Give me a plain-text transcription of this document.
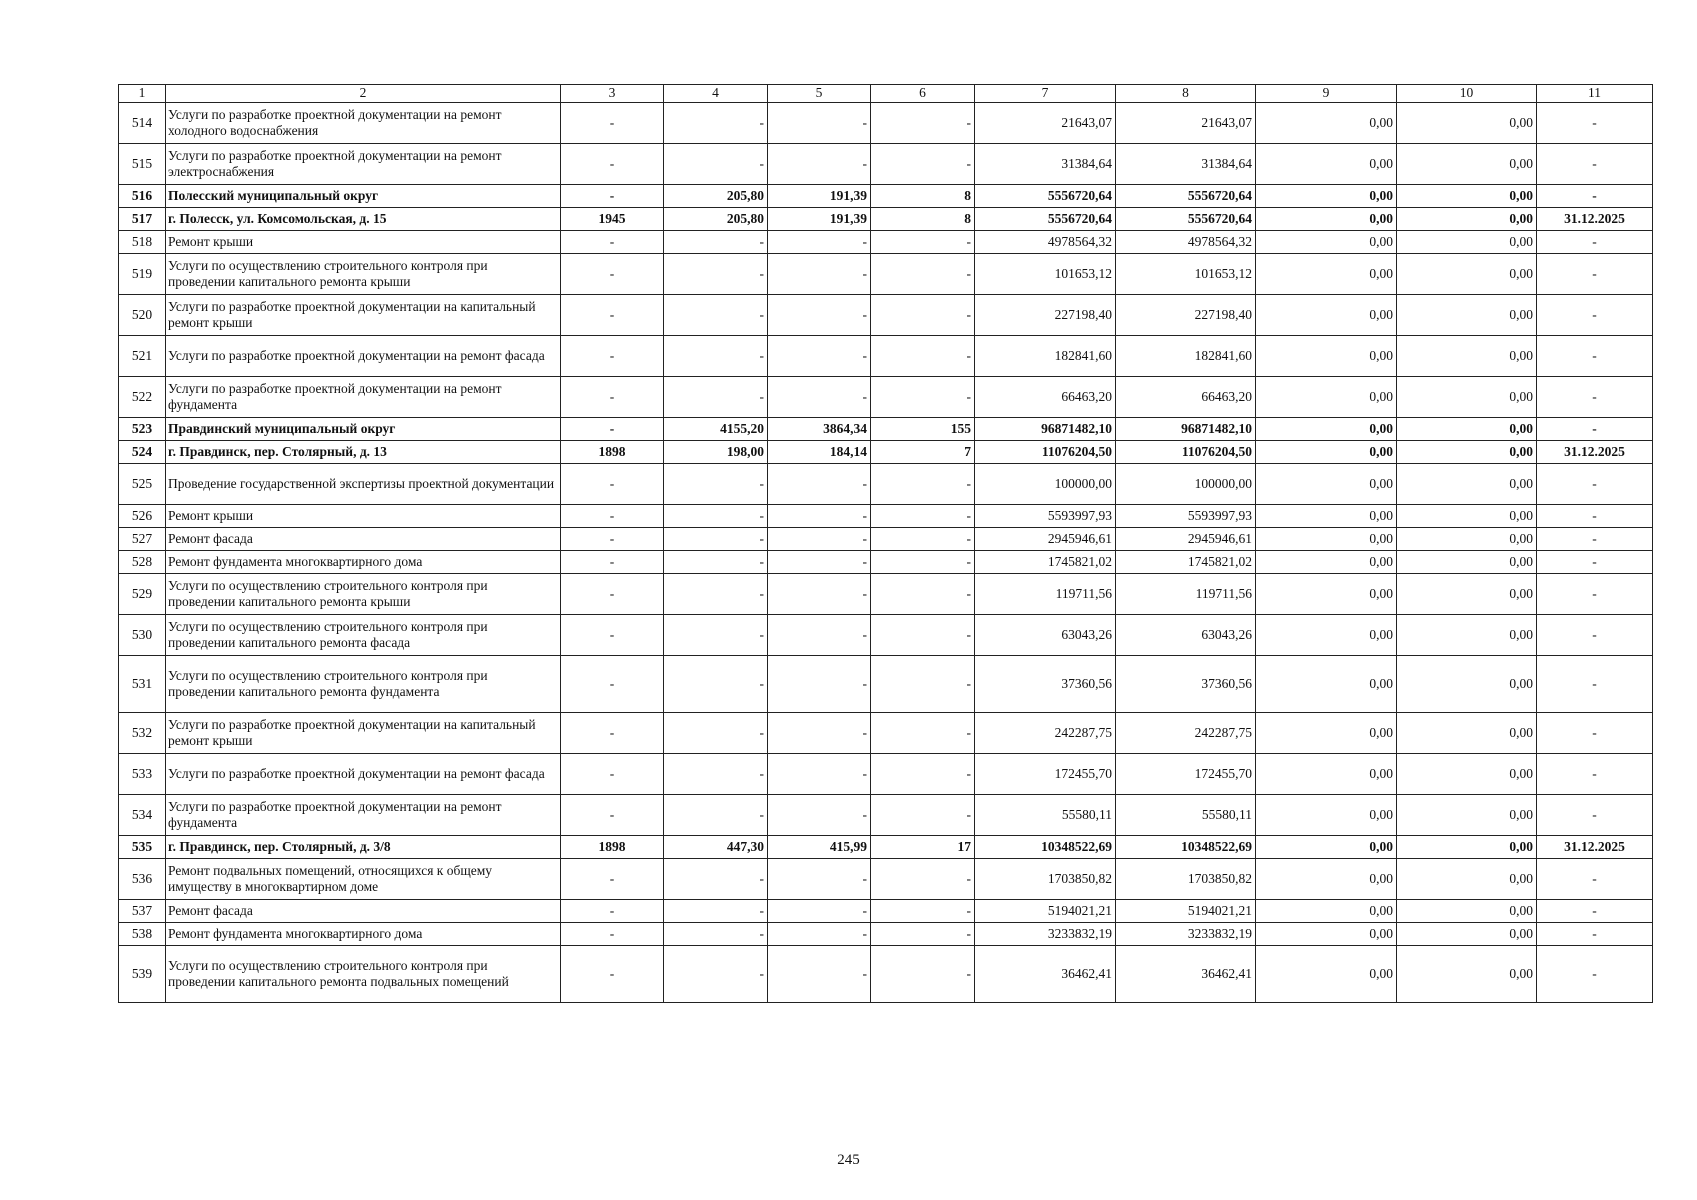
1	2	3	4	5	6	7	8	9	10	11
514	Услуги по разработке проектной документации на ремонт холодного водоснабжения	-	-	-	-	21643,07	21643,07	0,00	0,00	-
515	Услуги по разработке проектной документации на ремонт электроснабжения	-	-	-	-	31384,64	31384,64	0,00	0,00	-
516	Полесский муниципальный округ	-	205,80	191,39	8	5556720,64	5556720,64	0,00	0,00	-
517	г. Полесск, ул. Комсомольская, д. 15	1945	205,80	191,39	8	5556720,64	5556720,64	0,00	0,00	31.12.2025
518	Ремонт крыши	-	-	-	-	4978564,32	4978564,32	0,00	0,00	-
519	Услуги по осуществлению строительного контроля при проведении капитального ремонта крыши	-	-	-	-	101653,12	101653,12	0,00	0,00	-
520	Услуги по разработке проектной документации на капитальный ремонт крыши	-	-	-	-	227198,40	227198,40	0,00	0,00	-
521	Услуги по разработке проектной документации на ремонт фасада	-	-	-	-	182841,60	182841,60	0,00	0,00	-
522	Услуги по разработке проектной документации на ремонт фундамента	-	-	-	-	66463,20	66463,20	0,00	0,00	-
523	Правдинский муниципальный округ	-	4155,20	3864,34	155	96871482,10	96871482,10	0,00	0,00	-
524	г. Правдинск, пер. Столярный, д. 13	1898	198,00	184,14	7	11076204,50	11076204,50	0,00	0,00	31.12.2025
525	Проведение государственной экспертизы проектной документации	-	-	-	-	100000,00	100000,00	0,00	0,00	-
526	Ремонт крыши	-	-	-	-	5593997,93	5593997,93	0,00	0,00	-
527	Ремонт фасада	-	-	-	-	2945946,61	2945946,61	0,00	0,00	-
528	Ремонт фундамента многоквартирного дома	-	-	-	-	1745821,02	1745821,02	0,00	0,00	-
529	Услуги по осуществлению строительного контроля при проведении капитального ремонта крыши	-	-	-	-	119711,56	119711,56	0,00	0,00	-
530	Услуги по осуществлению строительного контроля при проведении капитального ремонта фасада	-	-	-	-	63043,26	63043,26	0,00	0,00	-
531	Услуги по осуществлению строительного контроля при проведении капитального ремонта фундамента	-	-	-	-	37360,56	37360,56	0,00	0,00	-
532	Услуги по разработке проектной документации на капитальный ремонт крыши	-	-	-	-	242287,75	242287,75	0,00	0,00	-
533	Услуги по разработке проектной документации на ремонт фасада	-	-	-	-	172455,70	172455,70	0,00	0,00	-
534	Услуги по разработке проектной документации на ремонт фундамента	-	-	-	-	55580,11	55580,11	0,00	0,00	-
535	г. Правдинск, пер. Столярный, д. 3/8	1898	447,30	415,99	17	10348522,69	10348522,69	0,00	0,00	31.12.2025
536	Ремонт подвальных помещений, относящихся к общему имуществу в многоквартирном доме	-	-	-	-	1703850,82	1703850,82	0,00	0,00	-
537	Ремонт фасада	-	-	-	-	5194021,21	5194021,21	0,00	0,00	-
538	Ремонт фундамента многоквартирного дома	-	-	-	-	3233832,19	3233832,19	0,00	0,00	-
539	Услуги по осуществлению строительного контроля при проведении капитального ремонта подвальных помещений	-	-	-	-	36462,41	36462,41	0,00	0,00	-
245
